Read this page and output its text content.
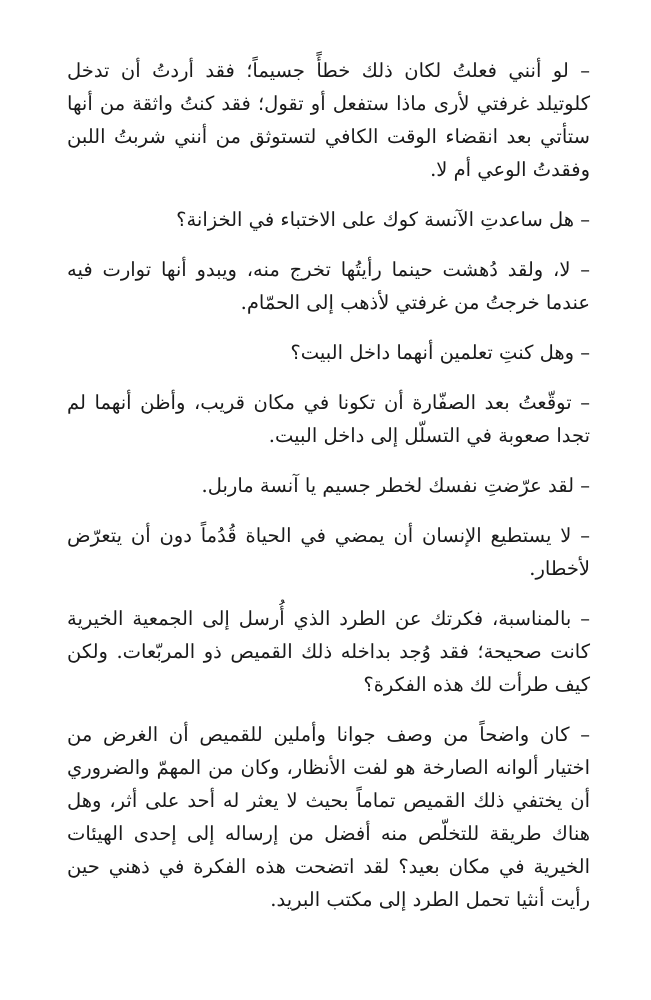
– لو أنني فعلتُ لكان ذلك خطأً جسيماً؛ فقد أردتُ أن تدخل كلوتيلد غرفتي لأرى ماذا ستفعل أو تقول؛ فقد كنتُ واثقة من أنها ستأتي بعد انقضاء الوقت الكافي لتستوثق من أنني شربتُ اللبن وفقدتُ الوعي أم لا.

– هل ساعدتِ الآنسة كوك على الاختباء في الخزانة؟

– لا، ولقد دُهشت حينما رأيتُها تخرج منه، ويبدو أنها توارت فيه عندما خرجتُ من غرفتي لأذهب إلى الحمّام.

– وهل كنتِ تعلمين أنهما داخل البيت؟

– توقّعتُ بعد الصفّارة أن تكونا في مكان قريب، وأظن أنهما لم تجدا صعوبة في التسلّل إلى داخل البيت.

– لقد عرّضتِ نفسك لخطر جسيم يا آنسة ماربل.

– لا يستطيع الإنسان أن يمضي في الحياة قُدُماً دون أن يتعرّض لأخطار.

– بالمناسبة، فكرتك عن الطرد الذي أُرسل إلى الجمعية الخيرية كانت صحيحة؛ فقد وُجد بداخله ذلك القميص ذو المربّعات. ولكن كيف طرأت لك هذه الفكرة؟

– كان واضحاً من وصف جوانا وأملين للقميص أن الغرض من اختيار ألوانه الصارخة هو لفت الأنظار، وكان من المهمّ والضروري أن يختفي ذلك القميص تماماً بحيث لا يعثر له أحد على أثر، وهل هناك طريقة للتخلّص منه أفضل من إرساله إلى إحدى الهيئات الخيرية في مكان بعيد؟ لقد اتضحت هذه الفكرة في ذهني حين رأيت أنثيا تحمل الطرد إلى مكتب البريد.
